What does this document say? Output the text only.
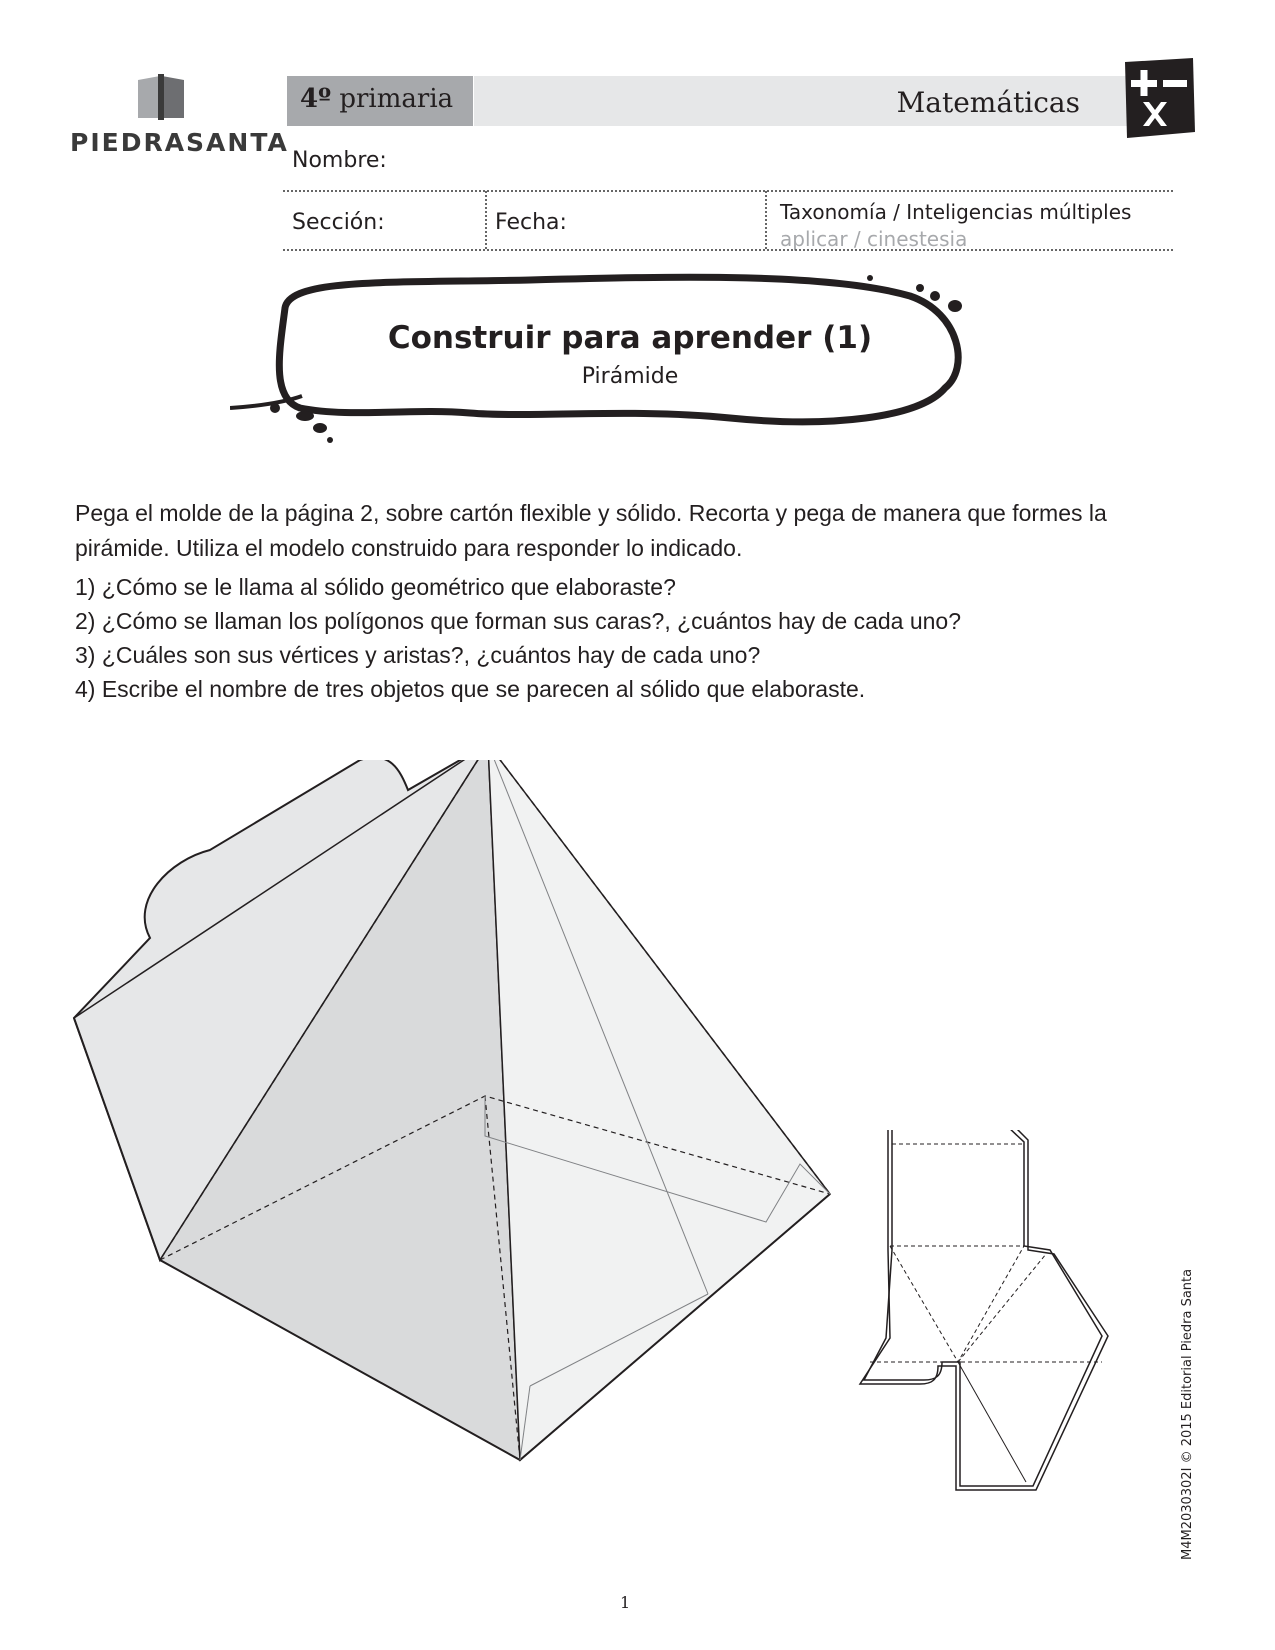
PIEDRASANTA
4º primaria	Matemáticas
Nombre:
Sección:	Fecha:	Taxonomía / Inteligencias múltiples
aplicar / cinestesia
Construir para aprender (1)
Pirámide
Pega el molde de la página 2, sobre cartón flexible y sólido. Recorta y pega de manera que formes la pirámide. Utiliza el modelo construido para responder lo indicado.
1) ¿Cómo se le llama al sólido geométrico que elaboraste?
2) ¿Cómo se llaman los polígonos que forman sus caras?, ¿cuántos hay de cada uno?
3) ¿Cuáles son sus vértices y aristas?, ¿cuántos hay de cada uno?
4) Escribe el nombre de tres objetos que se parecen al sólido que elaboraste.
M4M2030302I © 2015 Editorial Piedra Santa
1
